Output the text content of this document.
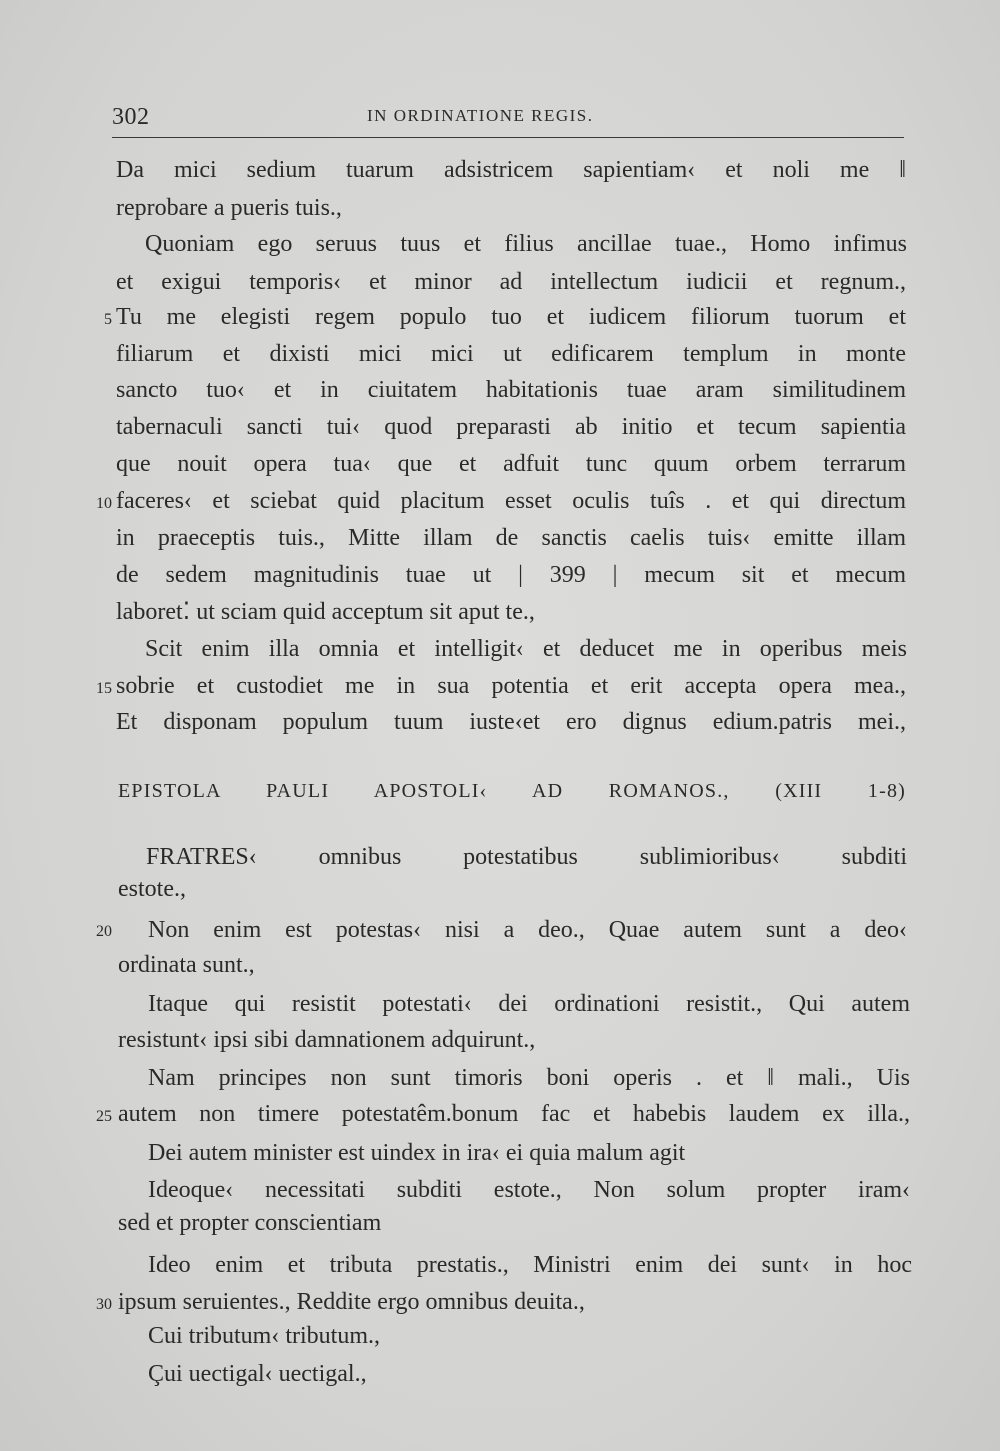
302	IN ORDINATIONE REGIS.
Da mici sedium tuarum adsistricem sapientiam‹ et noli me ‖
reprobare a pueris tuis.,
Quoniam ego seruus tuus et filius ancillae tuae., Homo infimus
et exigui temporis‹ et minor ad intellectum iudicii et regnum.,
Tu me elegisti regem populo tuo et iudicem filiorum tuorum et
filiarum et dixisti mici mici ut edificarem templum in monte
sancto tuo‹ et in ciuitatem habitationis tuae aram similitudinem
tabernaculi sancti tui‹ quod preparasti ab initio et tecum sapientia
que nouit opera tua‹ que et adfuit tunc quum orbem terrarum
faceres‹ et sciebat quid placitum esset oculis tuîs . et qui directum
in praeceptis tuis., Mitte illam de sanctis caelis tuis‹ emitte illam
de sedem magnitudinis tuae ut | 399 | mecum sit et mecum
laboret⁚ ut sciam quid acceptum sit aput te.,
Scit enim illa omnia et intelligit‹ et deducet me in operibus meis
sobrie et custodiet me in sua potentia et erit accepta opera mea.,
Et disponam populum tuum iuste‹et ero dignus edium.patris mei.,
EPISTOLA PAULI APOSTOLI‹ AD ROMANOS., (XIII 1-8)
FRATRES‹ omnibus potestatibus sublimioribus‹ subditi
estote.,
Non enim est potestas‹ nisi a deo., Quae autem sunt a deo‹
ordinata sunt.,
Itaque qui resistit potestati‹ dei ordinationi resistit., Qui autem
resistunt‹ ipsi sibi damnationem adquirunt.,
Nam principes non sunt timoris boni operis . et ‖ mali., Uis
autem non timere potestatêm.bonum fac et habebis laudem ex illa.,
Dei autem minister est uindex in ira‹ ei quia malum agit
Ideoque‹ necessitati subditi estote., Non solum propter iram‹
sed et propter conscientiam
Ideo enim et tributa prestatis., Ministri enim dei sunt‹ in hoc
ipsum seruientes., Reddite ergo omnibus deuita.,
Cui tributum‹ tributum.,
Çui uectigal‹ uectigal.,
5
10
15
20
25
30
